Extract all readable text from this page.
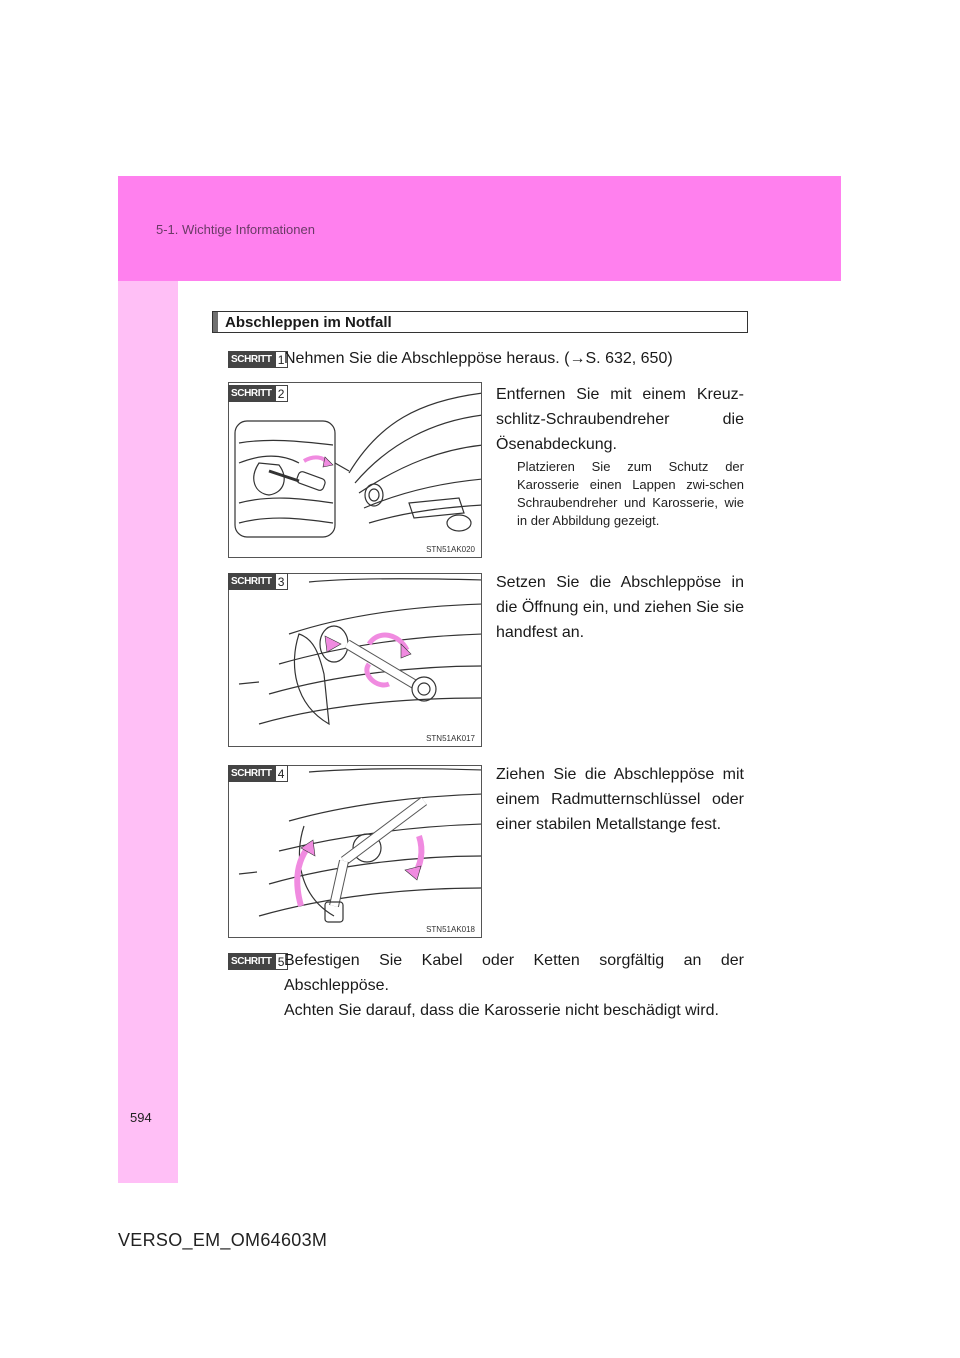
5-1. Wichtige Informationen
594
VERSO_EM_OM64603M
Abschleppen im Notfall
SCHRITT 1 Nehmen Sie die Abschleppöse heraus. (→S. 632, 650)
STN51AK020
SCHRITT 2	Entfernen Sie mit einem Kreuz-schlitz-Schraubendreher die Ösenabdeckung.
Platzieren Sie zum Schutz der Karosserie einen Lappen zwi-schen Schraubendreher und Karosserie, wie in der Abbildung gezeigt.
STN51AK017
SCHRITT 3	Setzen Sie die Abschleppöse in die Öffnung ein, und ziehen Sie sie handfest an.
STN51AK018
SCHRITT 4	Ziehen Sie die Abschleppöse mit einem Radmutternschlüssel oder einer stabilen Metallstange fest.
SCHRITT 5 Befestigen Sie Kabel oder Ketten sorgfältig an der Abschleppöse.
Achten Sie darauf, dass die Karosserie nicht beschädigt wird.
